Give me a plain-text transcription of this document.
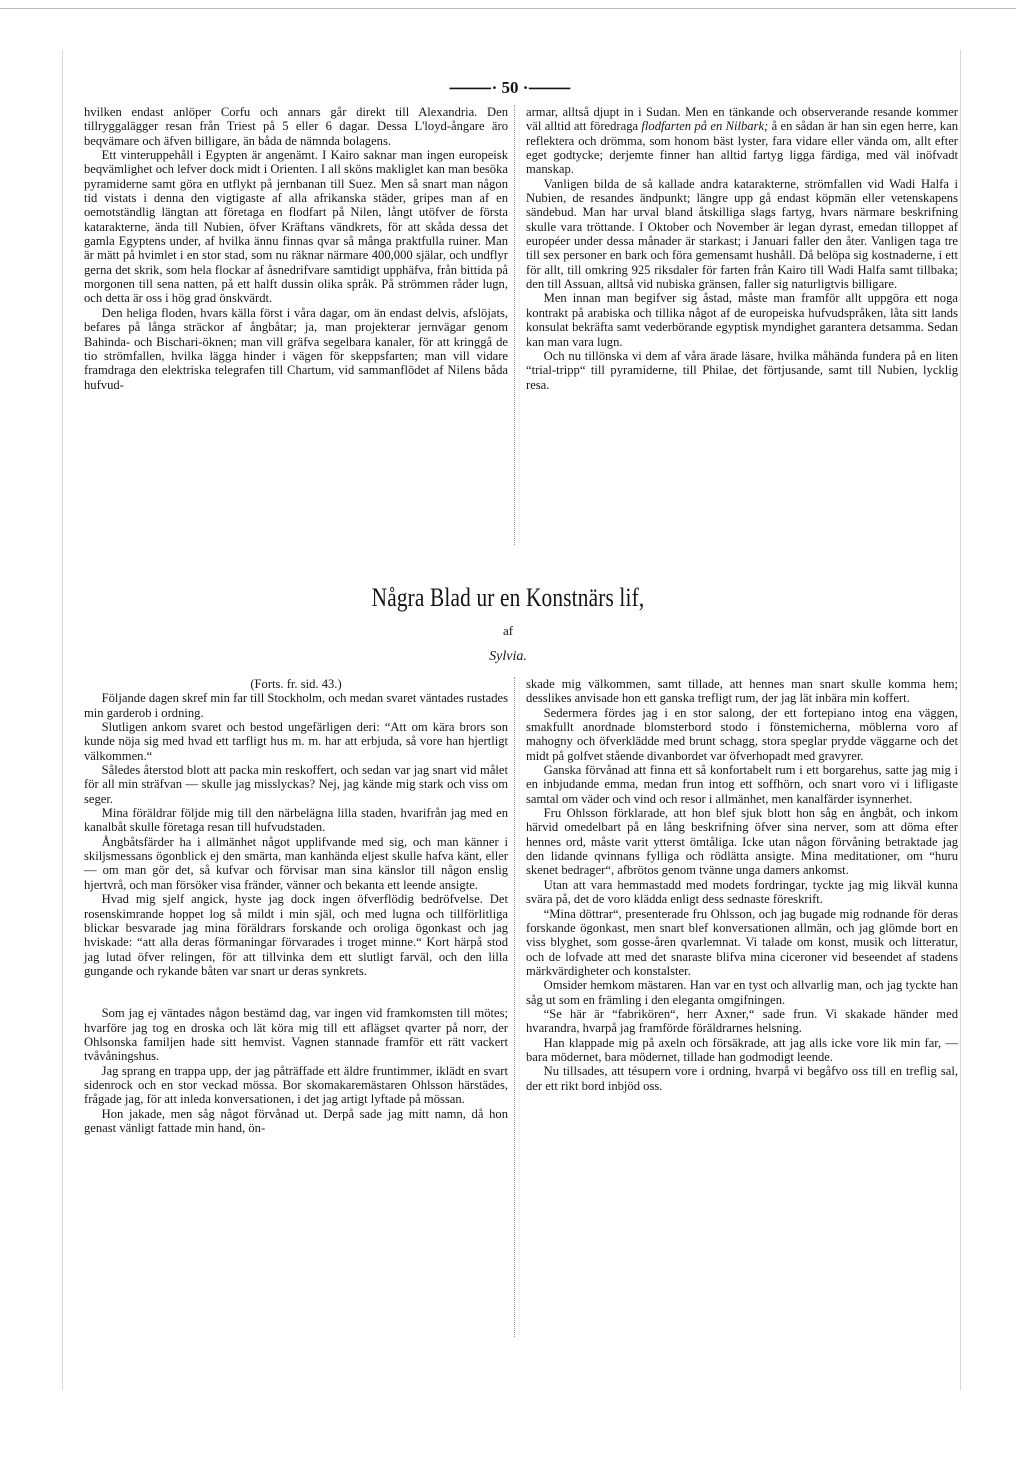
⸻· 50 ·⸻

hvilken endast anlöper Corfu och annars går direkt till Alexandria. Den tillryggalägger resan från Triest på 5 eller 6 dagar. Dessa L'loyd-ångare äro beqvämare och äfven billigare, än båda de nämnda bolagens.

Ett vinteruppehåll i Egypten är angenämt. I Kairo saknar man ingen europeisk beqvämlighet och lefver dock midt i Orienten. I all sköns makliglet kan man besöka pyramiderne samt göra en utflykt på jernbanan till Suez. Men så snart man någon tid vistats i denna den vigtigaste af alla afrikanska städer, gripes man af en oemotständlig längtan att företaga en flodfart på Nilen, långt utöfver de första katarakterne, ända till Nubien, öfver Kräftans vändkrets, för att skåda dessa det gamla Egyptens under, af hvilka ännu finnas qvar så många praktfulla ruiner. Man är mätt på hvimlet i en stor stad, som nu räknar närmare 400,000 själar, och undflyr gerna det skrik, som hela flockar af åsnedrifvare samtidigt upphäfva, från bittida på morgonen till sena natten, på ett halft dussin olika språk. På strömmen råder lugn, och detta är oss i hög grad önskvärdt.

Den heliga floden, hvars källa först i våra dagar, om än endast delvis, afslöjats, befares på långa sträckor af ångbåtar; ja, man projekterar jernvägar genom Bahinda- och Bischari-öknen; man vill gräfva segelbara kanaler, för att kringgå de tio strömfallen, hvilka lägga hinder i vägen för skeppsfarten; man vill vidare framdraga den elektriska telegrafen till Chartum, vid sammanflödet af Nilens båda hufvud-

armar, alltså djupt in i Sudan. Men en tänkande och observerande resande kommer väl alltid att föredraga flodfarten på en Nilbark; å en sådan är han sin egen herre, kan reflektera och drömma, som honom bäst lyster, fara vidare eller vända om, allt efter eget godtycke; derjemte finner han alltid fartyg ligga färdiga, med väl inöfvadt manskap.

Vanligen bilda de så kallade andra katarakterne, strömfallen vid Wadi Halfa i Nubien, de resandes ändpunkt; längre upp gå endast köpmän eller vetenskapens sändebud. Man har urval bland åtskilliga slags fartyg, hvars närmare beskrifning skulle vara tröttande. I Oktober och November är legan dyrast, emedan tilloppet af européer under dessa månader är starkast; i Januari faller den åter. Vanligen taga tre till sex personer en bark och föra gemensamt hushåll. Då belöpa sig kostnaderne, i ett för allt, till omkring 925 riksdaler för farten från Kairo till Wadi Halfa samt tillbaka; den till Assuan, alltså vid nubiska gränsen, faller sig naturligtvis billigare.

Men innan man begifver sig åstad, måste man framför allt uppgöra ett noga kontrakt på arabiska och tillika något af de europeiska hufvudspråken, låta sitt lands konsulat bekräfta samt vederbörande egyptisk myndighet garantera detsamma. Sedan kan man vara lugn.

Och nu tillönska vi dem af våra ärade läsare, hvilka måhända fundera på en liten “trial-tripp“ till pyramiderne, till Philae, det förtjusande, samt till Nubien, lycklig resa.

Några Blad ur en Konstnärs lif,
af
Sylvia.

(Forts. fr. sid. 43.)

Följande dagen skref min far till Stockholm, och medan svaret väntades rustades min garderob i ordning.

Slutligen ankom svaret och bestod ungefärligen deri: “Att om kära brors son kunde nöja sig med hvad ett tarfligt hus m. m. har att erbjuda, så vore han hjertligt välkommen.“

Således återstod blott att packa min reskoffert, och sedan var jag snart vid målet för all min sträfvan — skulle jag misslyckas? Nej, jag kände mig stark och viss om seger.

Mina föräldrar följde mig till den närbelägna lilla staden, hvarifrån jag med en kanalbåt skulle företaga resan till hufvudstaden.

Ångbåtsfärder ha i allmänhet något upplifvande med sig, och man känner i skiljsmessans ögonblick ej den smärta, man kanhända eljest skulle hafva känt, eller — om man gör det, så kufvar och förvisar man sina känslor till någon enslig hjertvrå, och man försöker visa fränder, vänner och bekanta ett leende ansigte.

Hvad mig sjelf angick, hyste jag dock ingen öfverflödig bedröfvelse. Det rosenskimrande hoppet log så mildt i min själ, och med lugna och tillförlitliga blickar besvarade jag mina föräldrars forskande och oroliga ögonkast och jag hviskade: “att alla deras förmaningar förvarades i troget minne.“ Kort härpå stod jag lutad öfver relingen, för att tillvinka dem ett slutligt farväl, och den lilla gungande och rykande båten var snart ur deras synkrets.

Som jag ej väntades någon bestämd dag, var ingen vid framkomsten till mötes; hvarföre jag tog en droska och lät köra mig till ett aflägset qvarter på norr, der Ohlsonska familjen hade sitt hemvist. Vagnen stannade framför ett rätt vackert tvåvåningshus.

Jag sprang en trappa upp, der jag påträffade ett äldre fruntimmer, iklädt en svart sidenrock och en stor veckad mössa. Bor skomakaremästaren Ohlsson härstädes, frågade jag, för att inleda konversationen, i det jag artigt lyftade på mössan.

Hon jakade, men såg något förvånad ut. Derpå sade jag mitt namn, då hon genast vänligt fattade min hand, ön-

skade mig välkommen, samt tillade, att hennes man snart skulle komma hem; desslikes anvisade hon ett ganska trefligt rum, der jag lät inbära min koffert.

Sedermera fördes jag i en stor salong, der ett fortepiano intog ena väggen, smakfullt anordnade blomsterbord stodo i fönstemicherna, möblerna voro af mahogny och öfverklädde med brunt schagg, stora speglar prydde väggarne och det midt på golfvet stående divanbordet var öfverhopadt med gravyrer.

Ganska förvånad att finna ett så konfortabelt rum i ett borgarehus, satte jag mig i en inbjudande emma, medan frun intog ett soffhörn, och snart voro vi i lifligaste samtal om väder och vind och resor i allmänhet, men kanalfärder isynnerhet.

Fru Ohlsson förklarade, att hon blef sjuk blott hon såg en ångbåt, och inkom härvid omedelbart på en lång beskrifning öfver sina nerver, som att döma efter hennes ord, måste varit ytterst ömtåliga. Icke utan någon förvåning betraktade jag den lidande qvinnans fylliga och rödlätta ansigte. Mina meditationer, om “huru skenet bedrager“, afbrötos genom tvänne unga damers ankomst.

Utan att vara hemmastadd med modets fordringar, tyckte jag mig likväl kunna svära på, det de voro klädda enligt dess sednaste föreskrift.

“Mina döttrar“, presenterade fru Ohlsson, och jag bugade mig rodnande för deras forskande ögonkast, men snart blef konversationen allmän, och jag glömde bort en viss blyghet, som gosse-åren qvarlemnat. Vi talade om konst, musik och litteratur, och de lofvade att med det snaraste blifva mina ciceroner vid beseendet af stadens märkvärdigheter och konstalster.

Omsider hemkom mästaren. Han var en tyst och allvarlig man, och jag tyckte han såg ut som en främling i den eleganta omgifningen.

“Se här är “fabrikören“, herr Axner,“ sade frun. Vi skakade händer med hvarandra, hvarpå jag framförde föräldrarnes helsning.

Han klappade mig på axeln och försäkrade, att jag alls icke vore lik min far, — bara mödernet, bara mödernet, tillade han godmodigt leende.

Nu tillsades, att tésupern vore i ordning, hvarpå vi begåfvo oss till en treflig sal, der ett rikt bord inbjöd oss.
